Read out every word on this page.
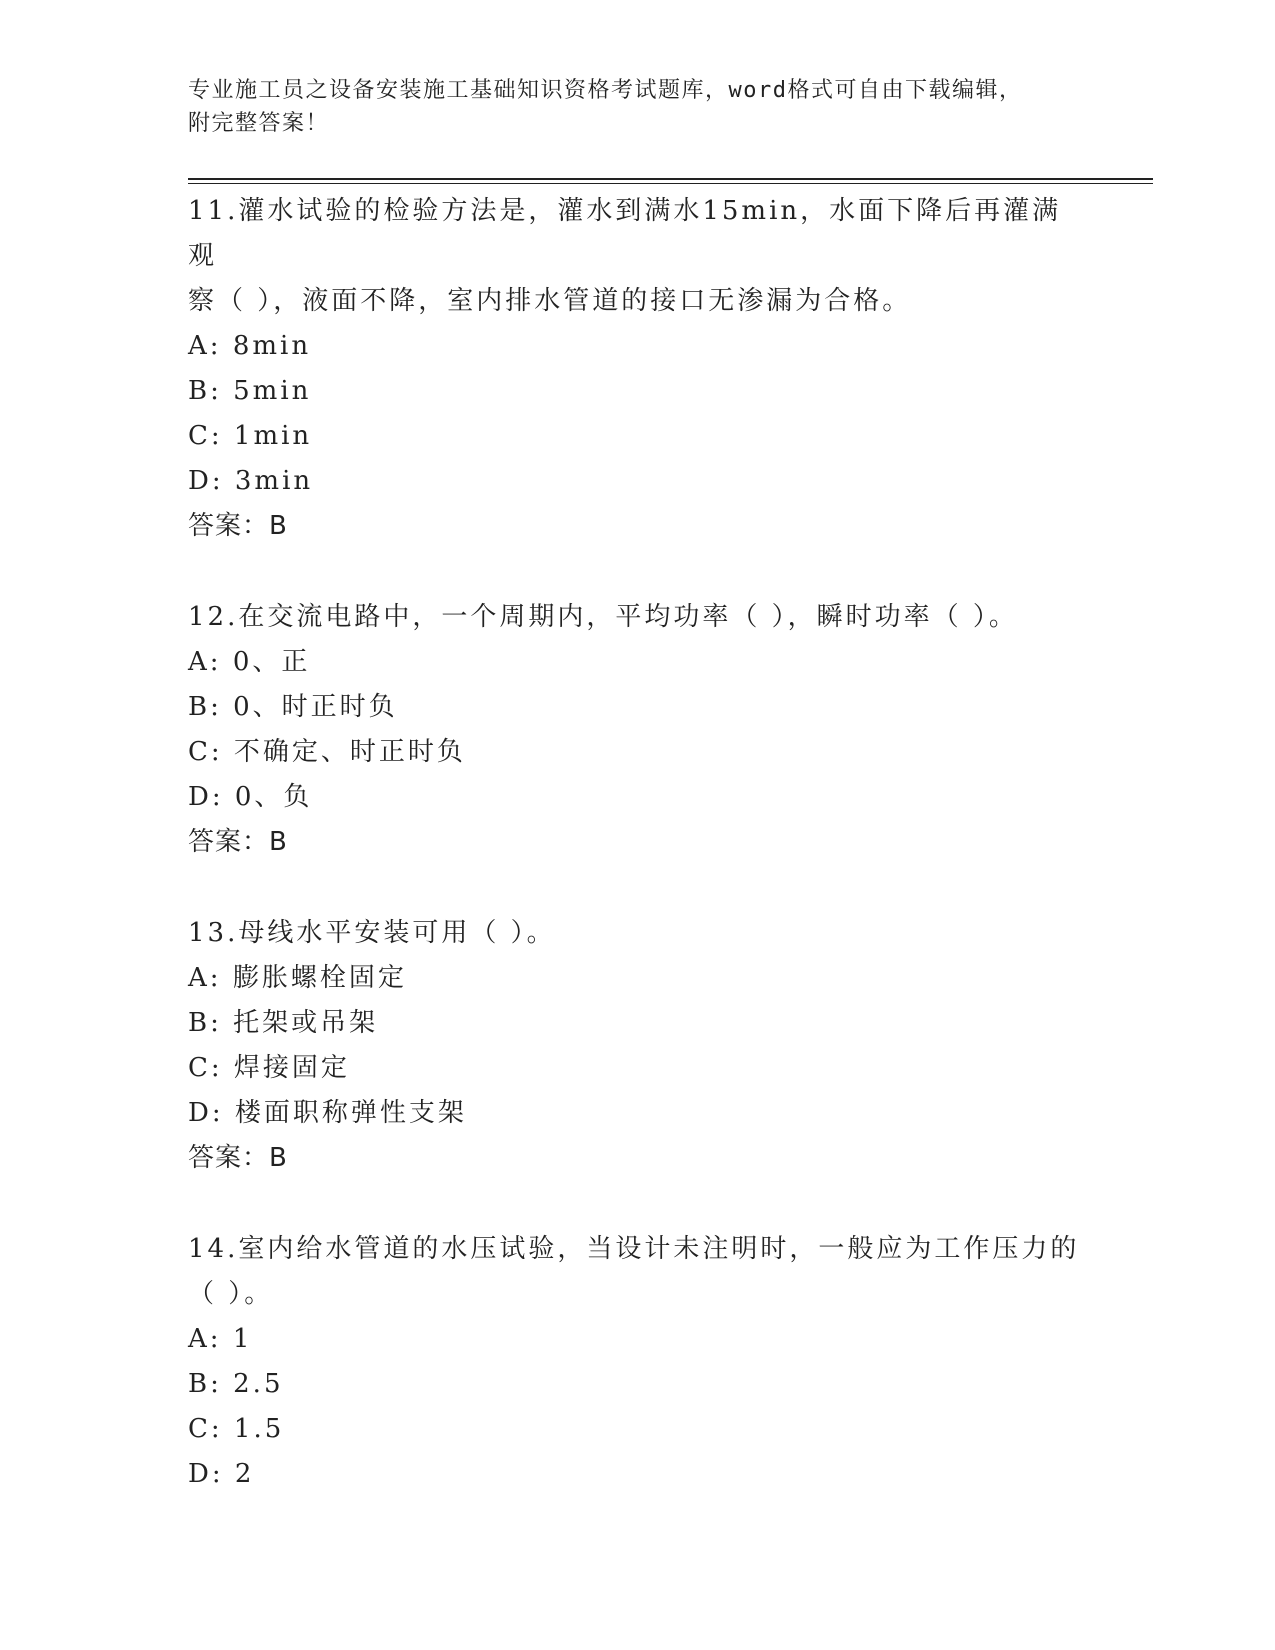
专业施工员之设备安装施工基础知识资格考试题库，word格式可自由下载编辑，
附完整答案！

11.灌水试验的检验方法是，灌水到满水15min，水面下降后再灌满观
察（ ），液面不降，室内排水管道的接口无渗漏为合格。

A: 8min

B: 5min

C: 1min

D: 3min

答案：B

12.在交流电路中，一个周期内，平均功率（ ），瞬时功率（ ）。

A: 0、正

B: 0、时正时负

C: 不确定、时正时负

D: 0、负

答案：B

13.母线水平安装可用（ ）。

A: 膨胀螺栓固定

B: 托架或吊架

C: 焊接固定

D: 楼面职称弹性支架

答案：B

14.室内给水管道的水压试验，当设计未注明时，一般应为工作压力的
（ ）。

A: 1

B: 2.5

C: 1.5

D: 2
